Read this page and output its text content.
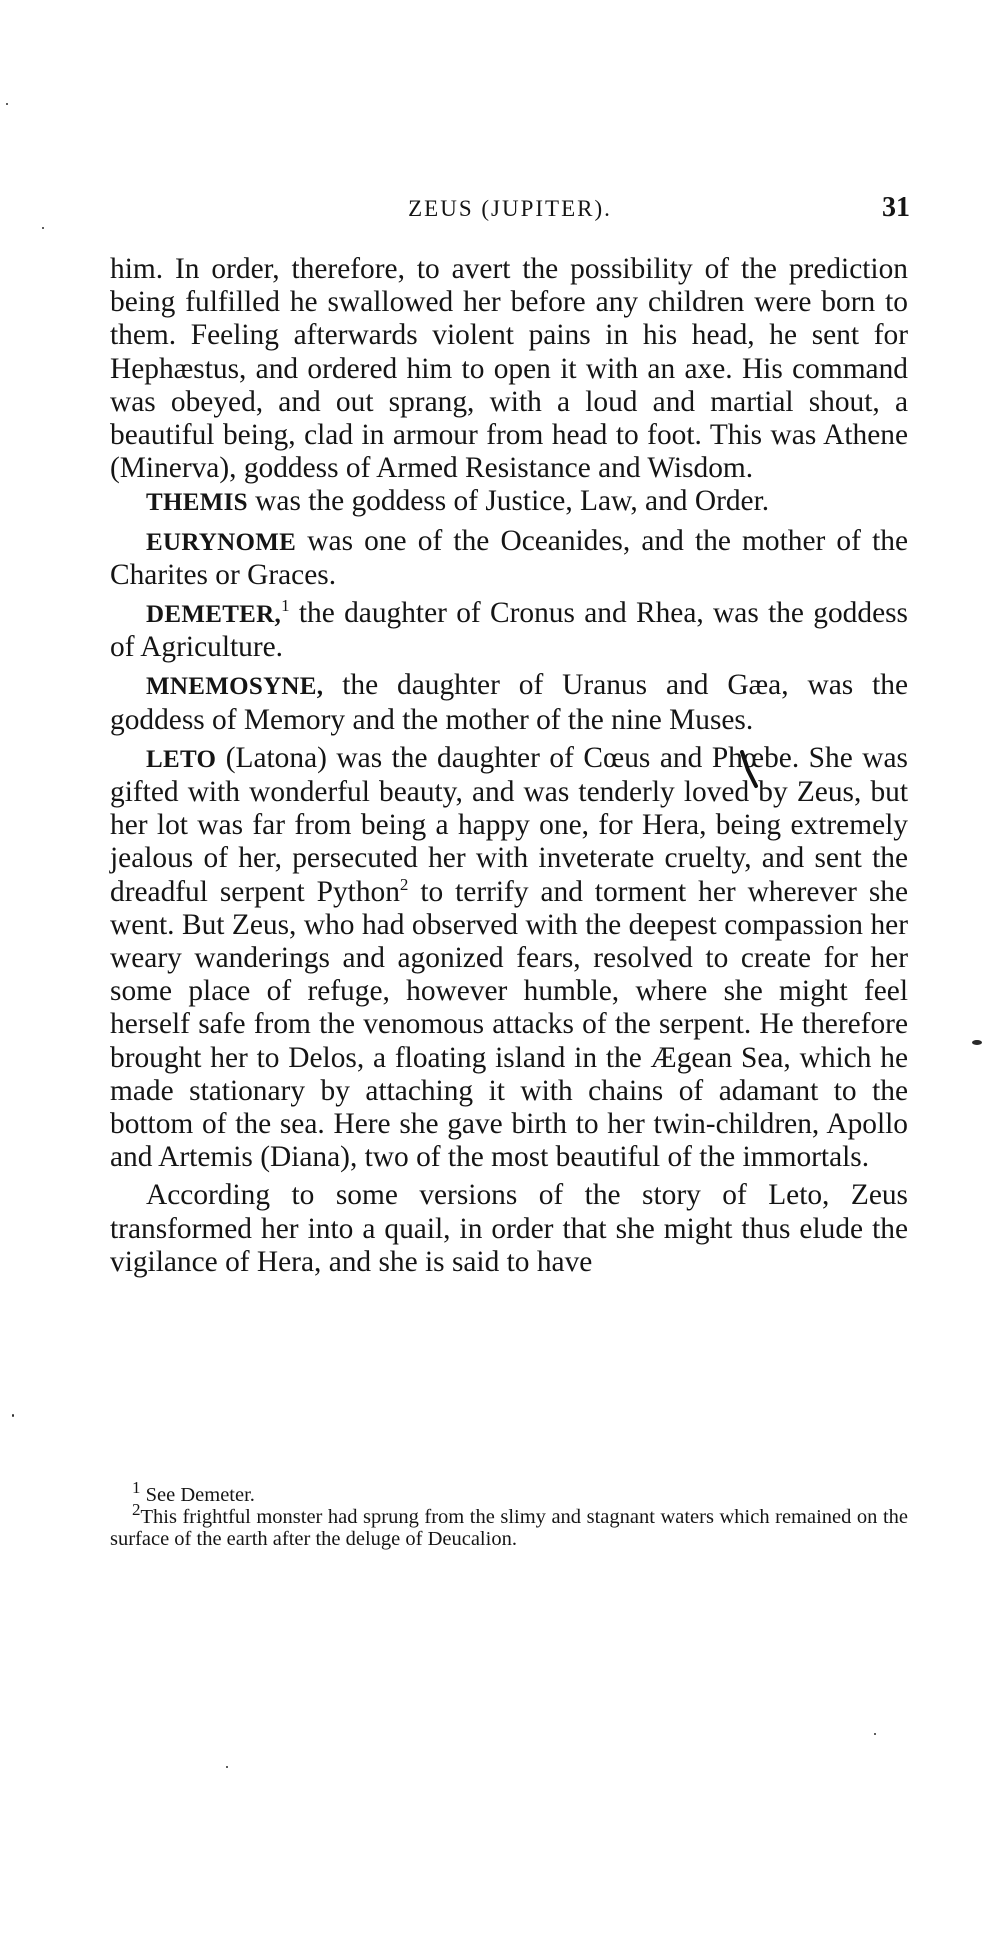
ZEUS (JUPITER).	31

him. In order, therefore, to avert the possibility of the prediction being fulfilled he swallowed her before any children were born to them. Feeling afterwards violent pains in his head, he sent for Hephæstus, and ordered him to open it with an axe. His command was obeyed, and out sprang, with a loud and martial shout, a beautiful being, clad in armour from head to foot. This was Athene (Minerva), goddess of Armed Resistance and Wisdom.

THEMIS was the goddess of Justice, Law, and Order.

EURYNOME was one of the Oceanides, and the mother of the Charites or Graces.

DEMETER,$^1$ the daughter of Cronus and Rhea, was the goddess of Agriculture.

MNEMOSYNE, the daughter of Uranus and Gæa, was the goddess of Memory and the mother of the nine Muses.

LETO (Latona) was the daughter of Cœus and Phœbe. She was gifted with wonderful beauty, and was tenderly loved by Zeus, but her lot was far from being a happy one, for Hera, being extremely jealous of her, persecuted her with inveterate cruelty, and sent the dreadful serpent Python$^2$ to terrify and torment her wherever she went. But Zeus, who had observed with the deepest compassion her weary wanderings and agonized fears, resolved to create for her some place of refuge, however humble, where she might feel herself safe from the venomous attacks of the serpent. He therefore brought her to Delos, a floating island in the Ægean Sea, which he made stationary by attaching it with chains of adamant to the bottom of the sea. Here she gave birth to her twin-children, Apollo and Artemis (Diana), two of the most beautiful of the immortals.

According to some versions of the story of Leto, Zeus transformed her into a quail, in order that she might thus elude the vigilance of Hera, and she is said to have

$^1$ See Demeter.

$^2$This frightful monster had sprung from the slimy and stagnant waters which remained on the surface of the earth after the deluge of Deucalion.
